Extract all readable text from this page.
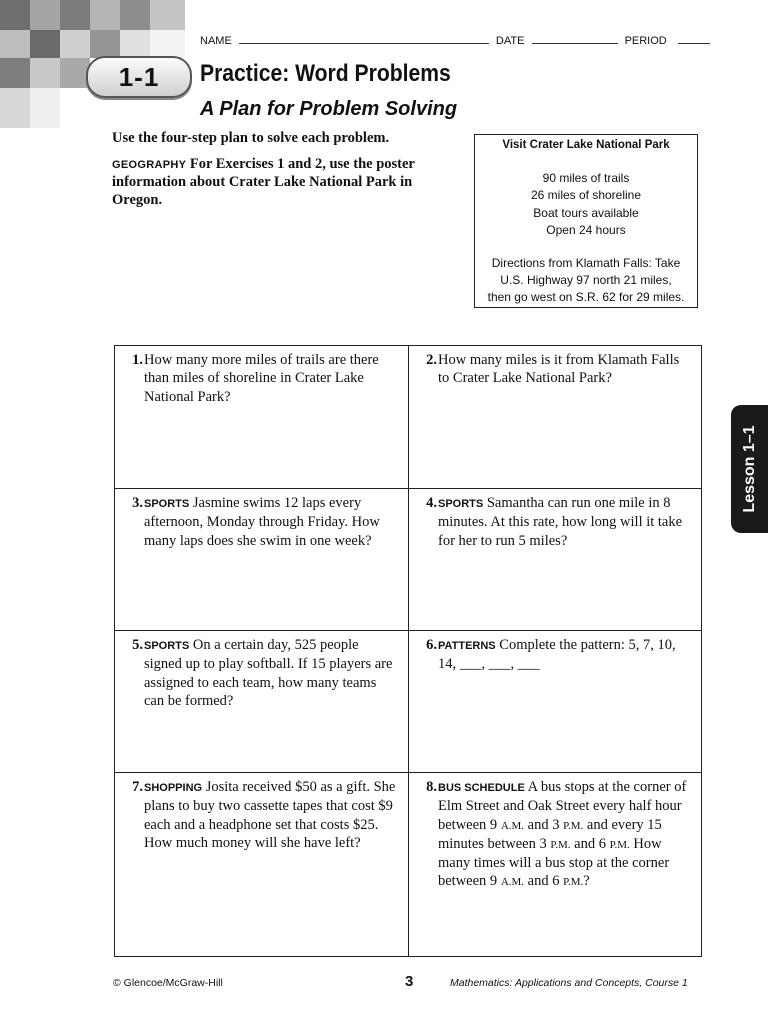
1-1
NAME	DATE	PERIOD
Practice: Word Problems
A Plan for Problem Solving

Use the four-step plan to solve each problem.

GEOGRAPHY For Exercises 1 and 2, use the poster information about Crater Lake National Park in Oregon.

Visit Crater Lake National Park
90 miles of trails
26 miles of shoreline
Boat tours available
Open 24 hours
Directions from Klamath Falls: Take
U.S. Highway 97 north 21 miles,
then go west on S.R. 62 for 29 miles.
1. How many more miles of trails are there than miles of shoreline in Crater Lake National Park?
2. How many miles is it from Klamath Falls to Crater Lake National Park?
3. SPORTS Jasmine swims 12 laps every afternoon, Monday through Friday. How many laps does she swim in one week?
4. SPORTS Samantha can run one mile in 8 minutes. At this rate, how long will it take for her to run 5 miles?
5. SPORTS On a certain day, 525 people signed up to play softball. If 15 players are assigned to each team, how many teams can be formed?
6. PATTERNS Complete the pattern: 5, 7, 10, 14, ___, ___, ___
7. SHOPPING Josita received $50 as a gift. She plans to buy two cassette tapes that cost $9 each and a headphone set that costs $25. How much money will she have left?
8. BUS SCHEDULE A bus stops at the corner of Elm Street and Oak Street every half hour between 9 A.M. and 3 P.M. and every 15 minutes between 3 P.M. and 6 P.M. How many times will a bus stop at the corner between 9 A.M. and 6 P.M.?
Lesson 1–1
© Glencoe/McGraw-Hill	3	Mathematics: Applications and Concepts, Course 1
